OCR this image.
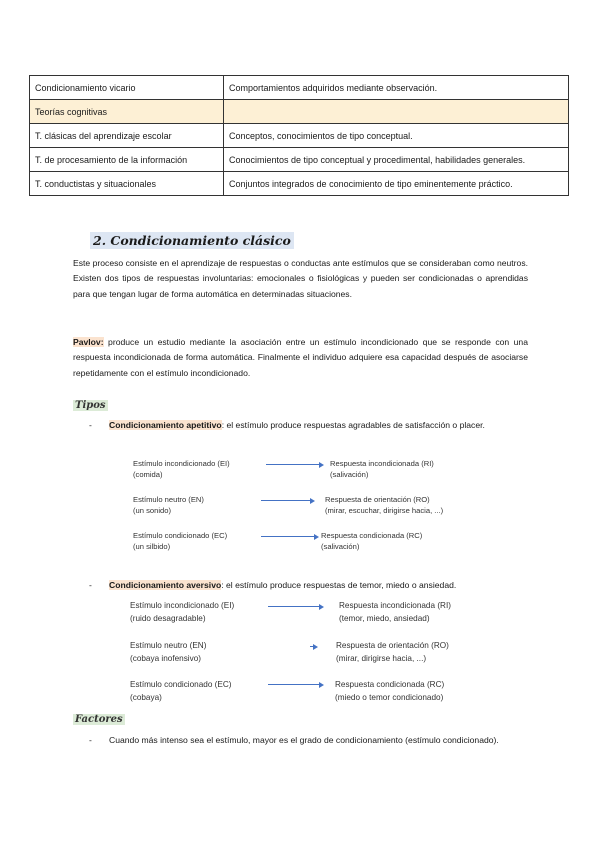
Condicionamiento vicario	Comportamientos adquiridos mediante observación.
Teorías cognitivas	
T. clásicas del aprendizaje escolar	Conceptos, conocimientos de tipo conceptual.
T. de procesamiento de la información	Conocimientos de tipo conceptual y procedimental, habilidades generales.
T. conductistas y situacionales	Conjuntos integrados de conocimiento de tipo eminentemente práctico.
2. Condicionamiento clásico
Este proceso consiste en el aprendizaje de respuestas o conductas ante estímulos que se consideraban como neutros. Existen dos tipos de respuestas involuntarias: emocionales o fisiológicas y pueden ser condicionadas o aprendidas para que tengan lugar de forma automática en determinadas situaciones.
Pavlov: produce un estudio mediante la asociación entre un estímulo incondicionado que se responde con una respuesta incondicionada de forma automática. Finalmente el individuo adquiere esa capacidad después de asociarse repetidamente con el estímulo incondicionado.
Tipos
- Condicionamiento apetitivo: el estímulo produce respuestas agradables de satisfacción o placer.
Estímulo incondicionado (EI)
(comida)
Respuesta incondicionada (RI)
(salivación)
Estímulo neutro (EN)
(un sonido)
Respuesta de orientación (RO)
(mirar, escuchar, dirigirse hacia, ...)
Estímulo condicionado (EC)
(un silbido)
Respuesta condicionada (RC)
(salivación)
- Condicionamiento aversivo: el estímulo produce respuestas de temor, miedo o ansiedad.
Estímulo incondicionado (EI)
(ruido desagradable)
Respuesta incondicionada (RI)
(temor, miedo, ansiedad)
Estímulo neutro (EN)
(cobaya inofensivo)
Respuesta de orientación (RO)
(mirar, dirigirse hacia, ...)
Estímulo condicionado (EC)
(cobaya)
Respuesta condicionada (RC)
(miedo o temor condicionado)
Factores
- Cuando más intenso sea el estímulo, mayor es el grado de condicionamiento (estímulo condicionado).
